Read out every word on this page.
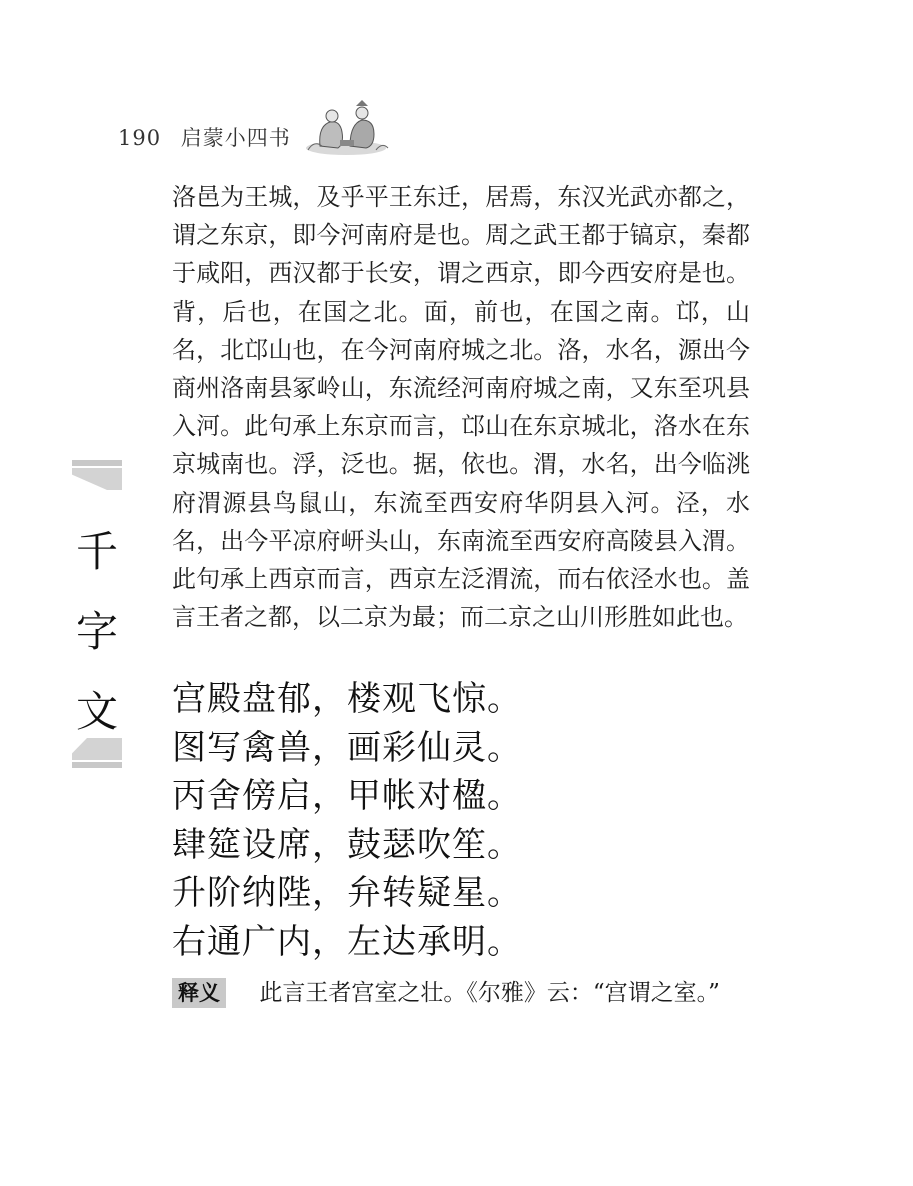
190 启蒙小四书
千
字
文

洛邑为王城，及乎平王东迁，居焉，东汉光武亦都之，谓之东京，即今河南府是也。周之武王都于镐京，秦都于咸阳，西汉都于长安，谓之西京，即今西安府是也。背，后也，在国之北。面，前也，在国之南。邙，山名，北邙山也，在今河南府城之北。洛，水名，源出今商州洛南县冢岭山，东流经河南府城之南，又东至巩县入河。此句承上东京而言，邙山在东京城北，洛水在东京城南也。浮，泛也。据，依也。渭，水名，出今临洮府渭源县鸟鼠山，东流至西安府华阴县入河。泾，水名，出今平凉府岍头山，东南流至西安府高陵县入渭。此句承上西京而言，西京左泛渭流，而右依泾水也。盖言王者之都，以二京为最；而二京之山川形胜如此也。

宫殿盘郁，楼观飞惊。
图写禽兽，画彩仙灵。
丙舍傍启，甲帐对楹。
肆筵设席，鼓瑟吹笙。
升阶纳陛，弁转疑星。
右通广内，左达承明。
释义 此言王者宫室之壮。《尔雅》云：“宫谓之室。”
